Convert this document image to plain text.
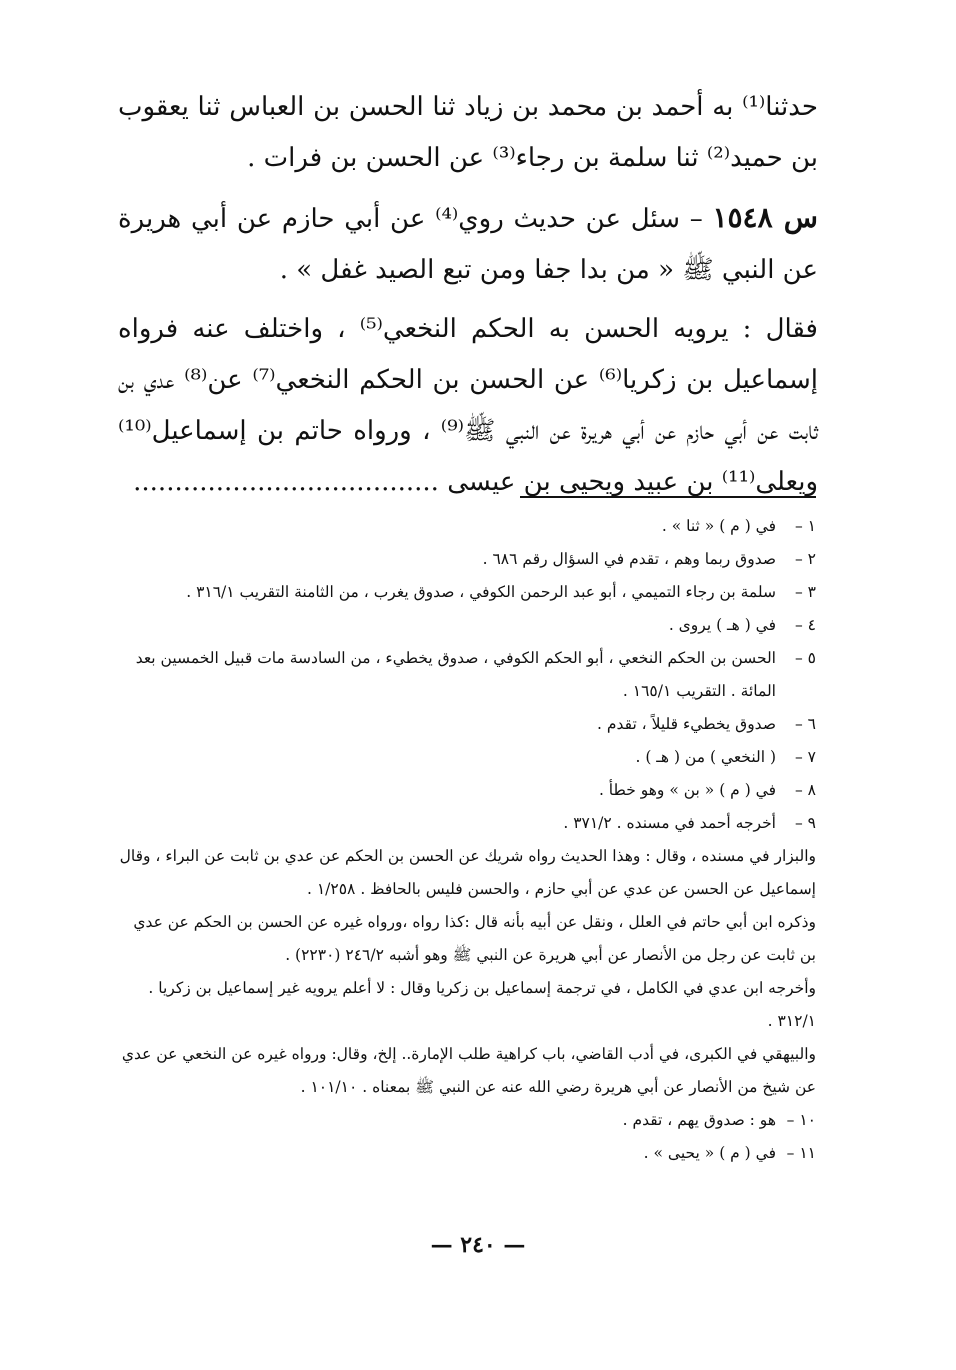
حدثنا⁽¹⁾ به أحمد بن محمد بن زياد ثنا الحسن بن العباس ثنا يعقوب بن حميد⁽²⁾ ثنا سلمة بن رجاء⁽³⁾ عن الحسن بن فرات .

س ١٥٤٨ – سئل عن حديث روي⁽⁴⁾ عن أبي حازم عن أبي هريرة عن النبي ﷺ « من بدا جفا ومن تبع الصيد غفل » .

فقال : يرويه الحسن به الحكم النخعي⁽⁵⁾ ، واختلف عنه فرواه إسماعيل بن زكريا⁽⁶⁾ عن الحسن بن الحكم النخعي⁽⁷⁾ عن⁽⁸⁾ عدي بن ثابت عن أبي حازم عن أبي هريرة عن النبي ﷺ⁽⁹⁾ ، ورواه حاتم بن إسماعيل⁽¹⁰⁾ ويعلى⁽¹¹⁾ بن عبيد ويحيى بن عيسى .....................................

١ –
في ( م ) « ثنا » .
٢ –
صدوق ربما وهم ، تقدم في السؤال رقم ٦٨٦ .
٣ –
سلمة بن رجاء التميمي ، أبو عبد الرحمن الكوفي ، صدوق يغرب ، من الثامنة التقريب ٣١٦/١ .
٤ –
في ( هـ ) يروى .
٥ –
الحسن بن الحكم النخعي ، أبو الحكم الكوفي ، صدوق يخطيء ، من السادسة مات قبيل الخمسين بعد المائة . التقريب ١٦٥/١ .
٦ –
صدوق يخطيء قليلاً ، تقدم .
٧ –
( النخعي ) من ( هـ ) .
٨ –
في ( م ) « بن » وهو خطأ .
٩ –
أخرجه أحمد في مسنده . ٣٧١/٢ .
والبزار في مسنده ، وقال : وهذا الحديث رواه شريك عن الحسن بن الحكم عن عدي بن ثابت عن البراء ، وقال إسماعيل عن الحسن عن عدي عن أبي حازم ، والحسن فليس بالحافظ . ١/٢٥٨ .
وذكره ابن أبي حاتم في العلل ، ونقل عن أبيه بأنه قال :كذا رواه ،ورواه غيره عن الحسن بن الحكم عن عدي بن ثابت عن رجل من الأنصار عن أبي هريرة عن النبي ﷺ وهو أشبه ٢٤٦/٢ (٢٢٣٠) .
وأخرجه ابن عدي في الكامل ، في ترجمة إسماعيل بن زكريا وقال : لا أعلم يرويه غير إسماعيل بن زكريا . ٣١٢/١ .
والبيهقي في الكبرى، في أدب القاضي، باب كراهية طلب الإمارة.. إلخ، وقال: ورواه غيره عن النخعي عن عدي عن شيخ من الأنصار عن أبي هريرة رضي الله عنه عن النبي ﷺ بمعناه . ١٠١/١٠ .
١٠ –
هو : صدوق يهم ، تقدم .
١١ –
في ( م ) « يحيى » .
— ٢٤٠ —
